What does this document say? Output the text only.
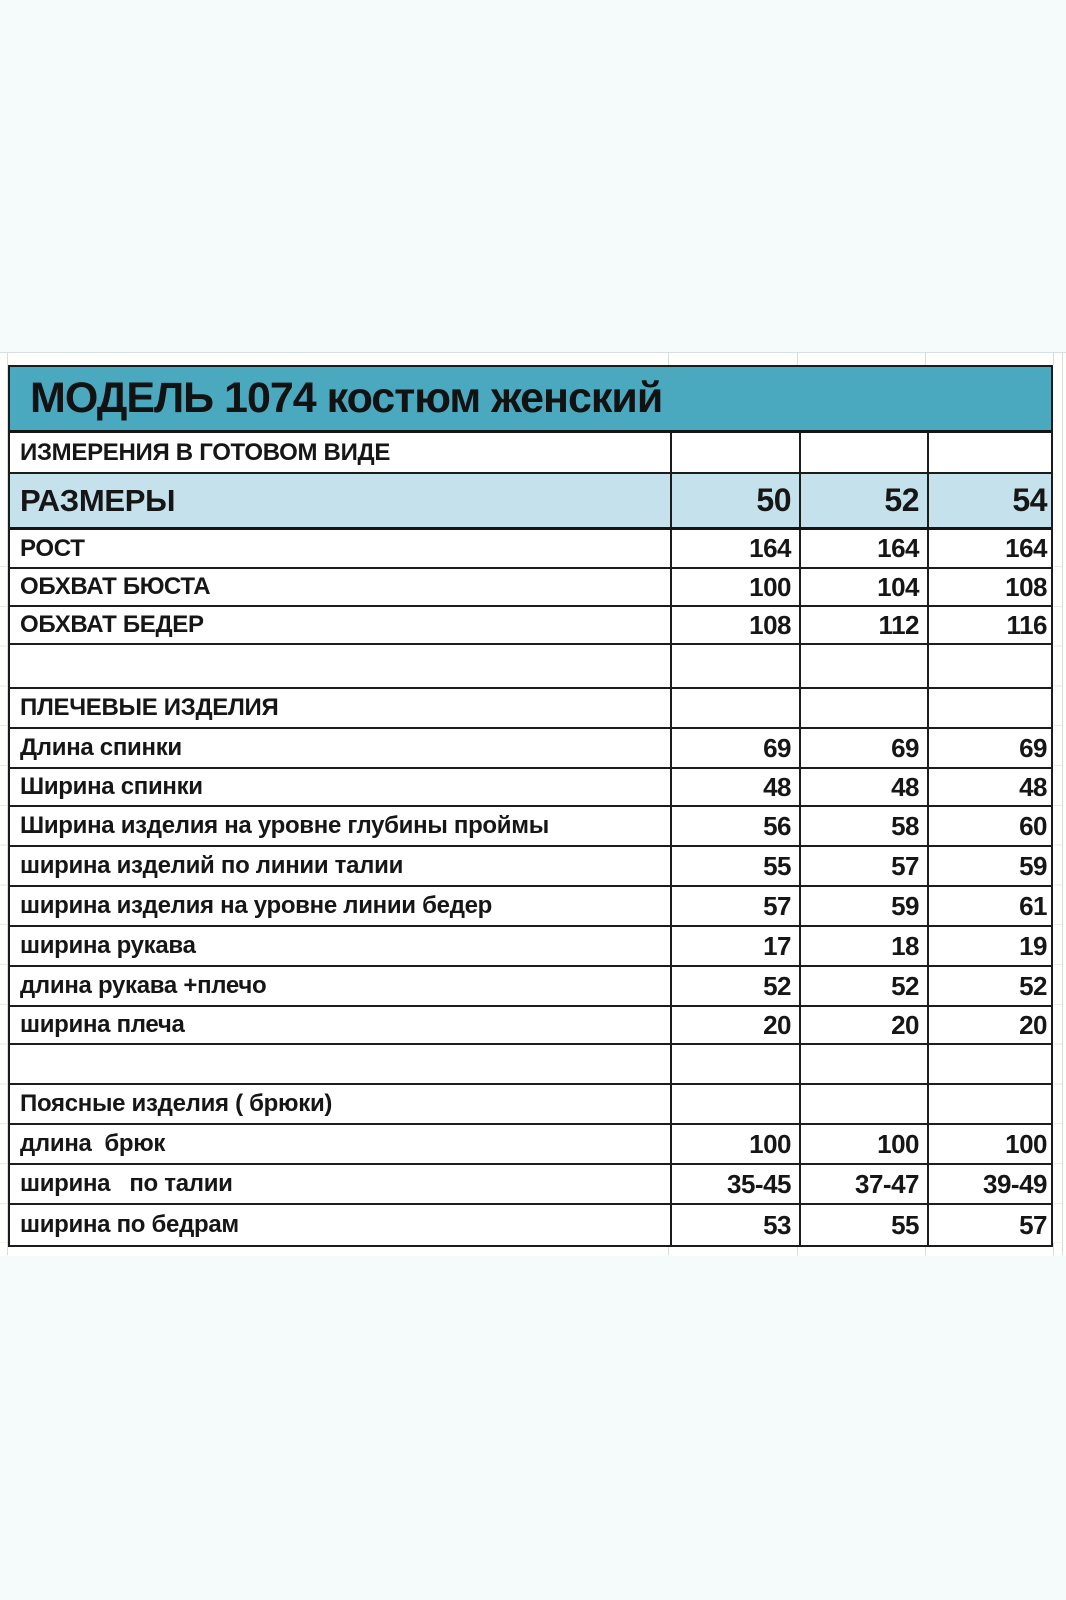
МОДЕЛЬ 1074 костюм женский
ИЗМЕРЕНИЯ В ГОТОВОМ ВИДЕ
РАЗМЕРЫ	50	52	54
РОСТ	164	164	164
ОБХВАТ БЮСТА	100	104	108
ОБХВАТ БЕДЕР	108	112	116
ПЛЕЧЕВЫЕ ИЗДЕЛИЯ
Длина спинки	69	69	69
Ширина спинки	48	48	48
Ширина изделия на уровне глубины проймы	56	58	60
ширина изделий по линии талии	55	57	59
ширина изделия на уровне линии бедер	57	59	61
ширина рукава	17	18	19
длина рукава +плечо	52	52	52
ширина плеча	20	20	20
Поясные изделия ( брюки)
длина  брюк	100	100	100
ширина   по талии	35-45	37-47	39-49
ширина по бедрам	53	55	57
